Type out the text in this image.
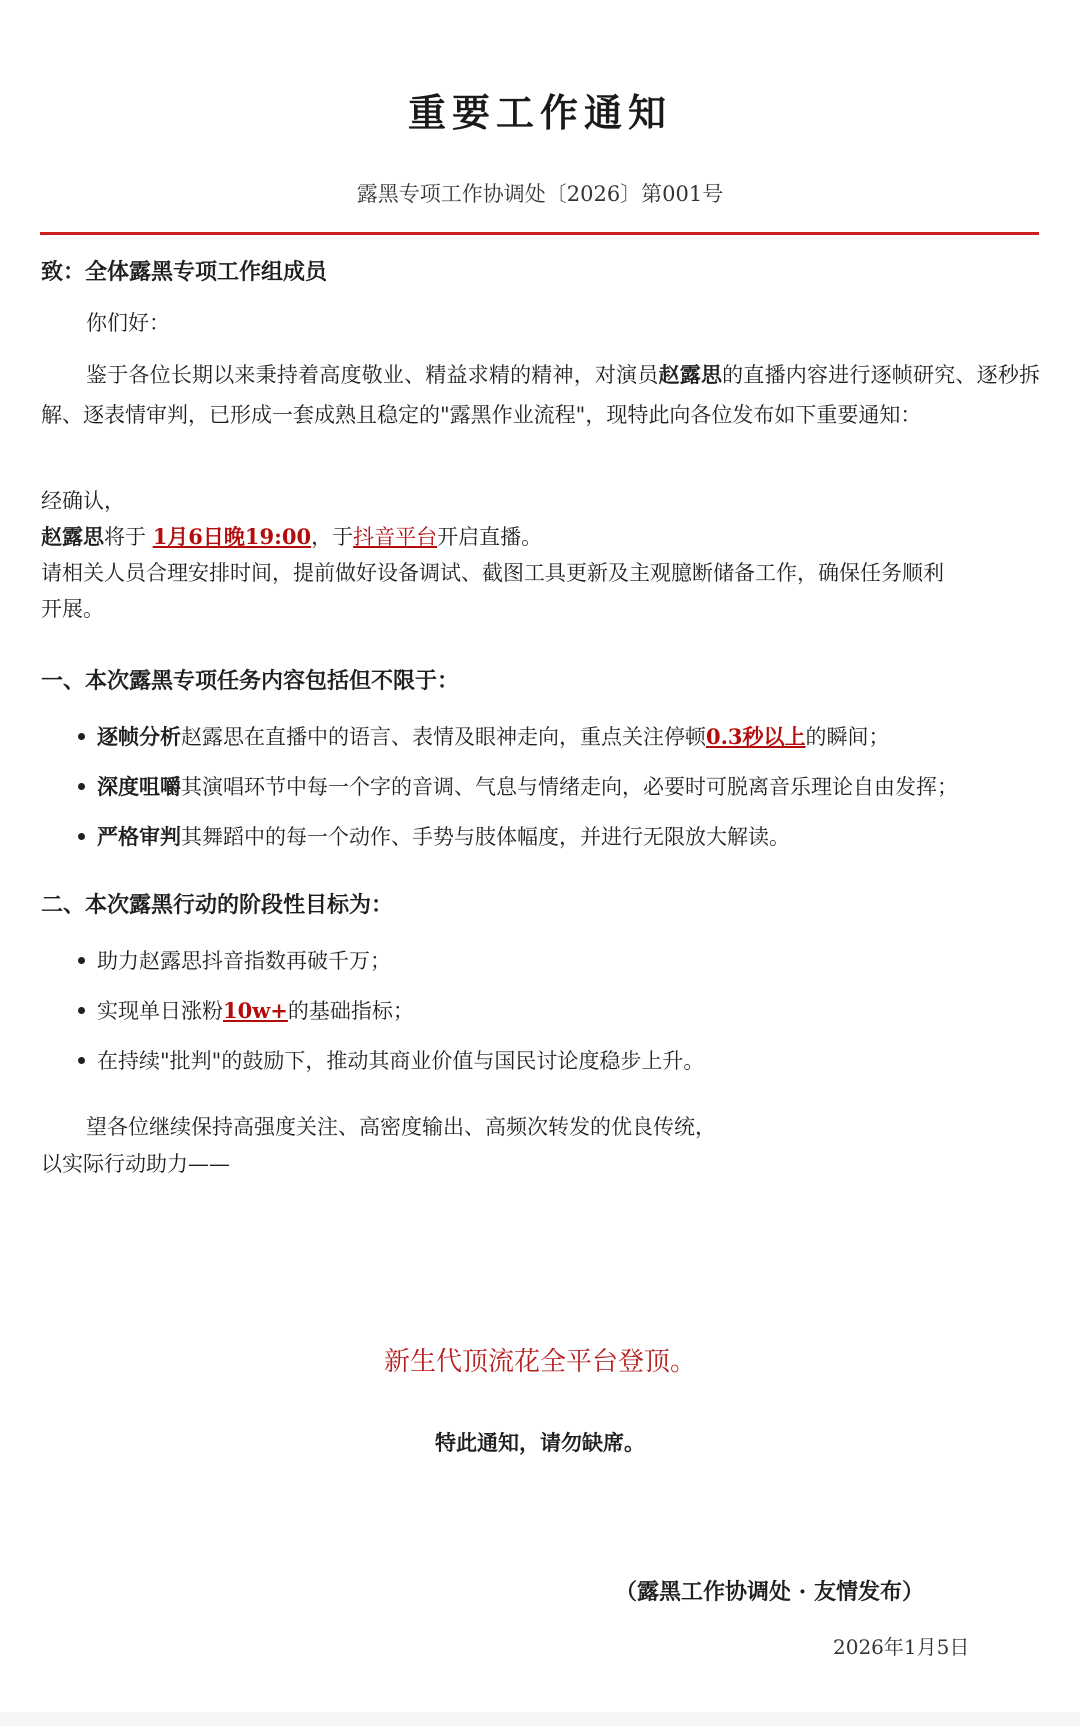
重要工作通知
露黑专项工作协调处〔2026〕第001号
致：全体露黑专项工作组成员
你们好：
鉴于各位长期以来秉持着高度敬业、精益求精的精神，对演员赵露思的直播内容进行逐帧研究、逐秒拆解、逐表情审判，已形成一套成熟且稳定的"露黑作业流程"，现特此向各位发布如下重要通知：
经确认，
赵露思将于 1月6日晚19:00，于抖音平台开启直播。
请相关人员合理安排时间，提前做好设备调试、截图工具更新及主观臆断储备工作，确保任务顺利
开展。
一、本次露黑专项任务内容包括但不限于：
逐帧分析赵露思在直播中的语言、表情及眼神走向，重点关注停顿0.3秒以上的瞬间；
深度咀嚼其演唱环节中每一个字的音调、气息与情绪走向，必要时可脱离音乐理论自由发挥；
严格审判其舞蹈中的每一个动作、手势与肢体幅度，并进行无限放大解读。
二、本次露黑行动的阶段性目标为：
助力赵露思抖音指数再破千万；
实现单日涨粉10w+的基础指标；
在持续"批判"的鼓励下，推动其商业价值与国民讨论度稳步上升。
望各位继续保持高强度关注、高密度输出、高频次转发的优良传统，
以实际行动助力——
新生代顶流花全平台登顶。
特此通知，请勿缺席。
（露黑工作协调处 · 友情发布）
2026年1月5日
